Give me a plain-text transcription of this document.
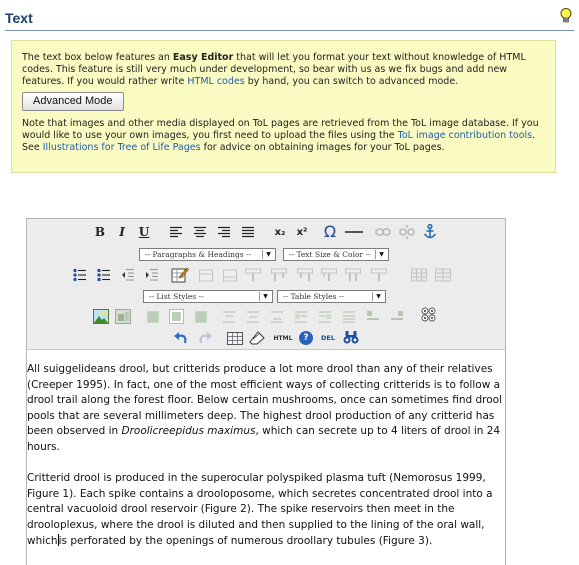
Text

The text box below features an Easy Editor that will let you format your text without knowledge of HTML codes. This feature is still very much under development, so bear with us as we fix bugs and add new features. If you would rather write HTML codes by hand, you can switch to advanced mode.

Advanced Mode

Note that images and other media displayed on ToL pages are retrieved from the ToL image database. If you would like to use your own images, you first need to upload the files using the ToL image contribution tools. See Illustrations for Tree of Life Pages for advice on obtaining images for your ToL pages.

B	I	U	x₂	x² Ω
-- Paragraphs & Headings --	▼	-- Text Size & Color --	▼
-- List Styles --	▼	-- Table Styles --	▼
HTML	?	DEL

All suiggelideans drool, but critterids produce a lot more drool than any of their relatives (Creeper 1995). In fact, one of the most efficient ways of collecting critterids is to follow a drool trail along the forest floor. Below certain mushrooms, once can sometimes find drool pools that are several millimeters deep. The highest drool production of any critterid has been observed in Droolicreepidus maximus, which can secrete up to 4 liters of drool in 24 hours.

Critterid drool is produced in the superocular polyspiked plasma tuft (Nemorosus 1999, Figure 1). Each spike contains a drooloposome, which secretes concentrated drool into a central vacuoloid drool reservoir (Figure 2). The spike reservoirs then meet in the drooloplexus, where the drool is diluted and then supplied to the lining of the oral wall, whichis perforated by the openings of numerous droollary tubules (Figure 3).
